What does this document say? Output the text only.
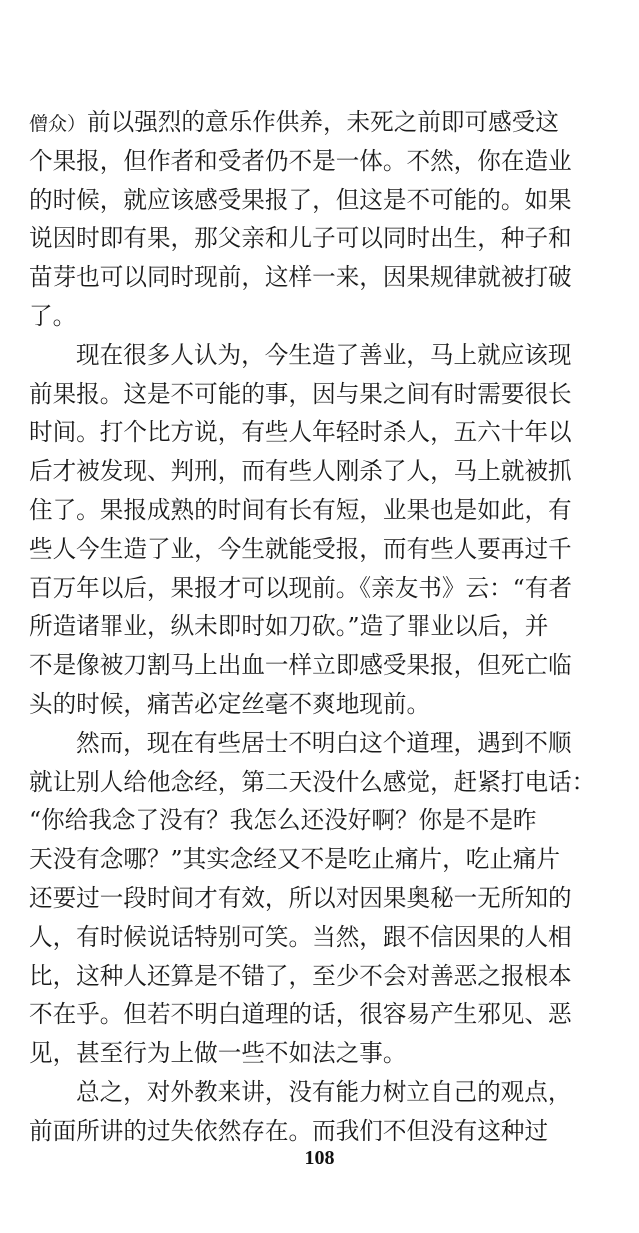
僧众）前以强烈的意乐作供养，未死之前即可感受这
个果报，但作者和受者仍不是一体。不然，你在造业
的时候，就应该感受果报了，但这是不可能的。如果
说因时即有果，那父亲和儿子可以同时出生，种子和
苗芽也可以同时现前，这样一来，因果规律就被打破
了。
现在很多人认为，今生造了善业，马上就应该现
前果报。这是不可能的事，因与果之间有时需要很长
时间。打个比方说，有些人年轻时杀人，五六十年以
后才被发现、判刑，而有些人刚杀了人，马上就被抓
住了。果报成熟的时间有长有短，业果也是如此，有
些人今生造了业，今生就能受报，而有些人要再过千
百万年以后，果报才可以现前。《亲友书》云：“有者
所造诸罪业，纵未即时如刀砍。”造了罪业以后，并
不是像被刀割马上出血一样立即感受果报，但死亡临
头的时候，痛苦必定丝毫不爽地现前。
然而，现在有些居士不明白这个道理，遇到不顺
就让别人给他念经，第二天没什么感觉，赶紧打电话：
“你给我念了没有？我怎么还没好啊？你是不是昨
天没有念哪？”其实念经又不是吃止痛片，吃止痛片
还要过一段时间才有效，所以对因果奥秘一无所知的
人，有时候说话特别可笑。当然，跟不信因果的人相
比，这种人还算是不错了，至少不会对善恶之报根本
不在乎。但若不明白道理的话，很容易产生邪见、恶
见，甚至行为上做一些不如法之事。
总之，对外教来讲，没有能力树立自己的观点，
前面所讲的过失依然存在。而我们不但没有这种过
108
